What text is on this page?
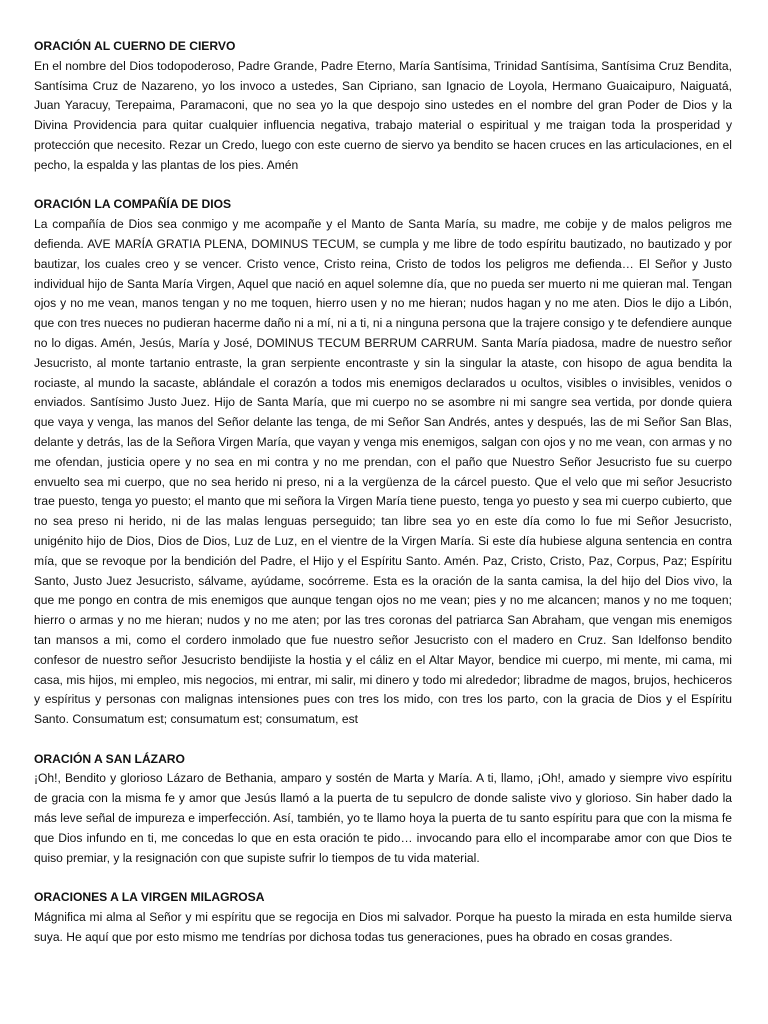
ORACIÓN AL CUERNO DE CIERVO

En el nombre del Dios todopoderoso, Padre Grande, Padre Eterno, María Santísima, Trinidad Santísima, Santísima Cruz Bendita, Santísima Cruz de Nazareno, yo los invoco a ustedes, San Cipriano, san Ignacio de Loyola, Hermano Guaicaipuro, Naiguatá, Juan Yaracuy, Terepaima, Paramaconi, que no sea yo la que despojo sino ustedes en el nombre del gran Poder de Dios y la Divina Providencia para quitar cualquier influencia negativa, trabajo material o espiritual y me traigan toda la prosperidad y protección que necesito. Rezar un Credo, luego con este cuerno de siervo ya bendito se hacen cruces en las articulaciones, en el pecho, la espalda y las plantas de los pies. Amén

ORACIÓN LA COMPAÑÍA DE DIOS

La compañía de Dios sea conmigo y me acompañe y el Manto de Santa María, su madre, me cobije y de malos peligros me defienda. AVE MARÍA GRATIA PLENA, DOMINUS TECUM, se cumpla y me libre de todo espíritu bautizado, no bautizado y por bautizar, los cuales creo y se vencer. Cristo vence, Cristo reina, Cristo de todos los peligros me defienda… El Señor y Justo individual hijo de Santa María Virgen, Aquel que nació en aquel solemne día, que no pueda ser muerto ni me quieran mal. Tengan ojos y no me vean, manos tengan y no me toquen, hierro usen y no me hieran; nudos hagan y no me aten. Dios le dijo a Libón, que con tres nueces no pudieran hacerme daño ni a mí, ni a ti, ni a ninguna persona que la trajere consigo y te defendiere aunque no lo digas. Amén, Jesús, María y José, DOMINUS TECUM BERRUM CARRUM. Santa María piadosa, madre de nuestro señor Jesucristo, al monte tartanio entraste, la gran serpiente encontraste y sin la singular la ataste, con hisopo de agua bendita la rociaste, al mundo la sacaste, ablándale el corazón a todos mis enemigos declarados u ocultos, visibles o invisibles, venidos o enviados. Santísimo Justo Juez. Hijo de Santa María, que mi cuerpo no se asombre ni mi sangre sea vertida, por donde quiera que vaya y venga, las manos del Señor delante las tenga, de mi Señor San Andrés, antes y después, las de mi Señor San Blas, delante y detrás, las de la Señora Virgen María, que vayan y venga mis enemigos, salgan con ojos y no me vean, con armas y no me ofendan, justicia opere y no sea en mi contra y no me prendan, con el paño que Nuestro Señor Jesucristo fue su cuerpo envuelto sea mi cuerpo, que no sea herido ni preso, ni a la vergüenza de la cárcel puesto. Que el velo que mi señor Jesucristo trae puesto, tenga yo puesto; el manto que mi señora la Virgen María tiene puesto, tenga yo puesto y sea mi cuerpo cubierto, que no sea preso ni herido, ni de las malas lenguas perseguido; tan libre sea yo en este día como lo fue mi Señor Jesucristo, unigénito hijo de Dios, Dios de Dios, Luz de Luz, en el vientre de la Virgen María. Si este día hubiese alguna sentencia en contra mía, que se revoque por la bendición del Padre, el Hijo y el Espíritu Santo. Amén. Paz, Cristo, Cristo, Paz, Corpus, Paz; Espíritu Santo, Justo Juez Jesucristo, sálvame, ayúdame, socórreme. Esta es la oración de la santa camisa, la del hijo del Dios vivo, la que me pongo en contra de mis enemigos que aunque tengan ojos no me vean; pies y no me alcancen; manos y no me toquen; hierro o armas y no me hieran; nudos y no me aten; por las tres coronas del patriarca San Abraham, que vengan mis enemigos tan mansos a mi, como el cordero inmolado que fue nuestro señor Jesucristo con el madero en Cruz. San Idelfonso bendito confesor de nuestro señor Jesucristo bendijiste la hostia y el cáliz en el Altar Mayor, bendice mi cuerpo, mi mente, mi cama, mi casa, mis hijos, mi empleo, mis negocios, mi entrar, mi salir, mi dinero y todo mi alrededor; libradme de magos, brujos, hechiceros y espíritus y personas con malignas intensiones pues con tres los mido, con tres los parto, con la gracia de Dios y el Espíritu Santo. Consumatum est; consumatum est; consumatum, est

ORACIÓN A SAN LÁZARO

¡Oh!, Bendito y glorioso Lázaro de Bethania, amparo y sostén de Marta y María. A ti, llamo, ¡Oh!, amado y siempre vivo espíritu de gracia con la misma fe y amor que Jesús llamó a la puerta de tu sepulcro de donde saliste vivo y glorioso. Sin haber dado la más leve señal de impureza e imperfección. Así, también, yo te llamo hoya la puerta de tu santo espíritu para que con la misma fe que Dios infundo en ti, me concedas lo que en esta oración te pido… invocando para ello el incomparabe amor con que Dios te quiso premiar, y la resignación con que supiste sufrir lo tiempos de tu vida material.

ORACIONES A LA VIRGEN MILAGROSA

Mágnifica mi alma al Señor y mi espíritu que se regocija en Dios mi salvador. Porque ha puesto la mirada en esta humilde sierva suya. He aquí que por esto mismo me tendrías por dichosa todas tus generaciones, pues ha obrado en cosas grandes.
